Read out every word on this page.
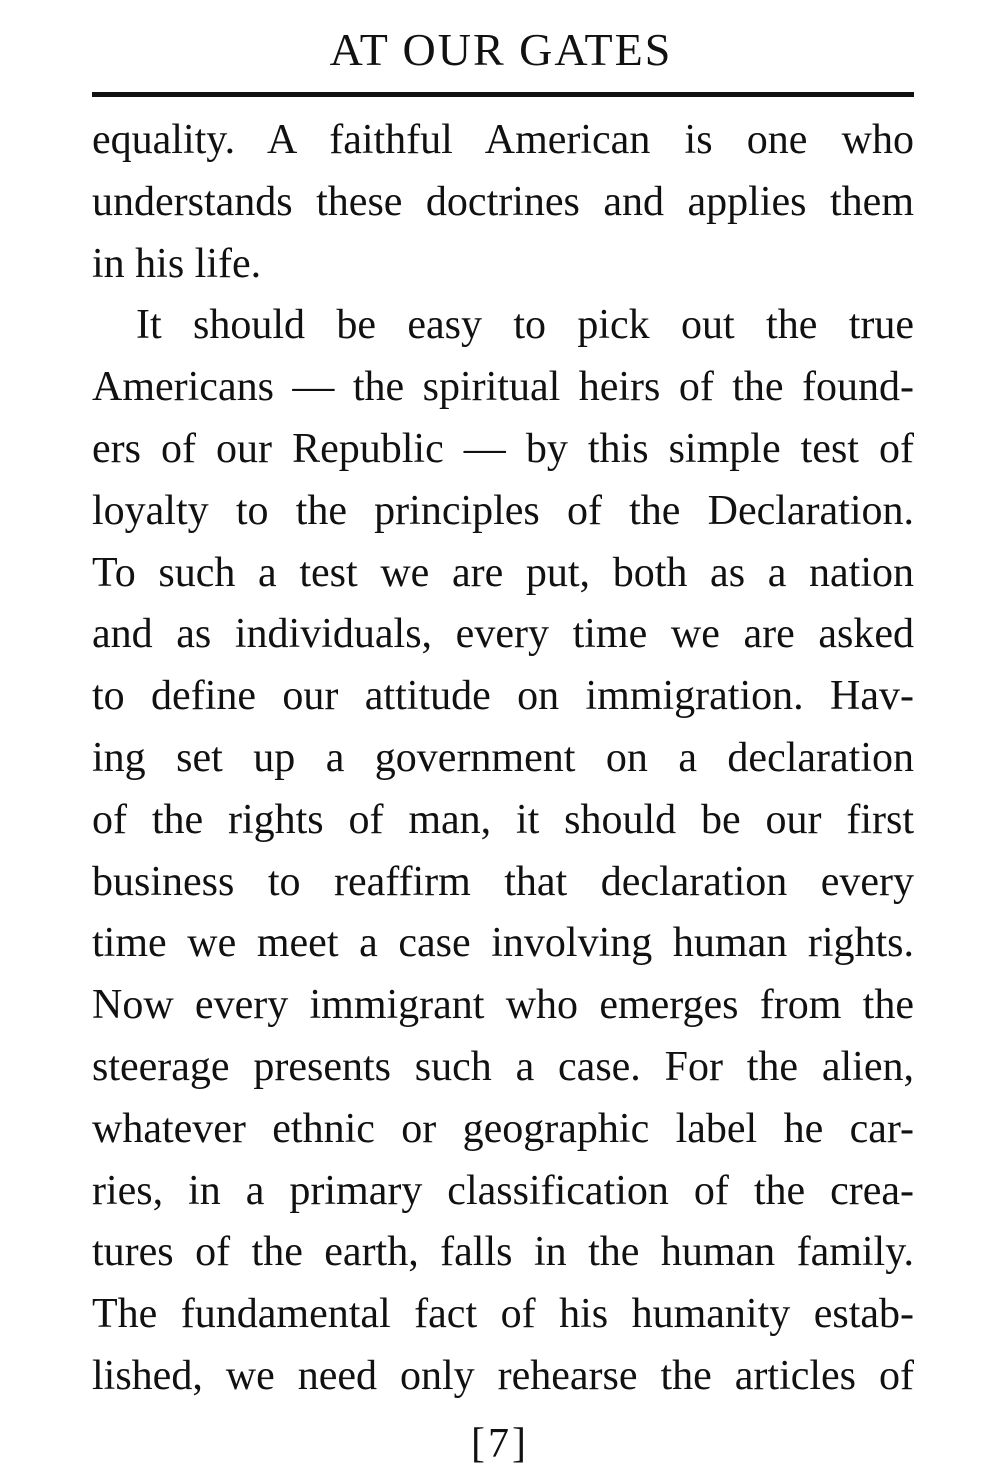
AT OUR GATES
equality. A faithful American is one who
understands these doctrines and applies them
in his life.
It should be easy to pick out the true
Americans — the spiritual heirs of the found-
ers of our Republic — by this simple test of
loyalty to the principles of the Declaration.
To such a test we are put, both as a nation
and as individuals, every time we are asked
to define our attitude on immigration. Hav-
ing set up a government on a declaration
of the rights of man, it should be our first
business to reaffirm that declaration every
time we meet a case involving human rights.
Now every immigrant who emerges from the
steerage presents such a case. For the alien,
whatever ethnic or geographic label he car-
ries, in a primary classification of the crea-
tures of the earth, falls in the human family.
The fundamental fact of his humanity estab-
lished, we need only rehearse the articles of
[7]
